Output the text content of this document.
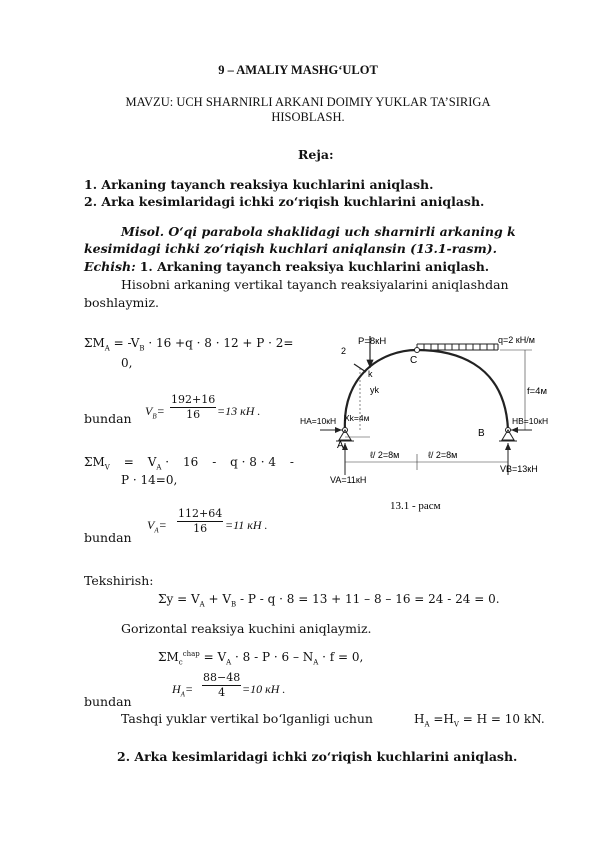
9 – AMALIY MASHG‘ULOT
MAVZU: UCH SHARNIRLI ARKANI DOIMIY YUKLAR TA’SIRIGA
HISOBLASH.
Reja:
1. Arkaning tayanch reaksiya kuchlarini aniqlash.
2. Arka kesimlaridagi ichki zo‘riqish kuchlarini aniqlash.
Misol. O‘qi parabola shaklidagi uch sharnirli arkaning k
kesimidagi ichki zo‘riqish kuchlari aniqlansin (13.1-rasm).
Echish: 1. Arkaning tayanch reaksiya kuchlarini aniqlash.
Hisobni arkaning vertikal tayanch reaksiyalarini aniqlashdan
boshlaymiz.
$\Sigma M_A = -V_B \cdot 16 +q \cdot 8 \cdot 12 + P \cdot 2=$
0,
bundan $V_B= \frac{192+16}{16} =13$ кН .
$\Sigma M_V = V_A \cdot 16 - q \cdot 8 \cdot 4$ -
P · 14=0,
bundan
$V_A= \frac{112+64}{16} =11$ кН .
P=8кН	q=2 кН/м
C
2
k
yk
Xk=4м
f=4м
HA=10кН	HB=10кН
A
B
ℓ/ 2=8м	ℓ/ 2=8м
VA=11кН
VB=13кН
13.1 - расм
Tekshirish:
$\Sigma y = V_A + V_B - P - q \cdot 8 = 13 + 11 - 8 - 16 = 24 - 24 = 0$.
Gorizontal reaksiya kuchini aniqlaymiz.
$\Sigma M_c^{chap} = V_A \cdot 8 - P \cdot 6 - N_A \cdot f = 0$,
bundan
$H_A= \frac{88-48}{4} =10$ кН .
Tashqi yuklar vertikal bo‘lganligi uchun	$H_A =H_V = H = 10$ kN.
2. Arka kesimlaridagi ichki zo‘riqish kuchlarini aniqlash.
